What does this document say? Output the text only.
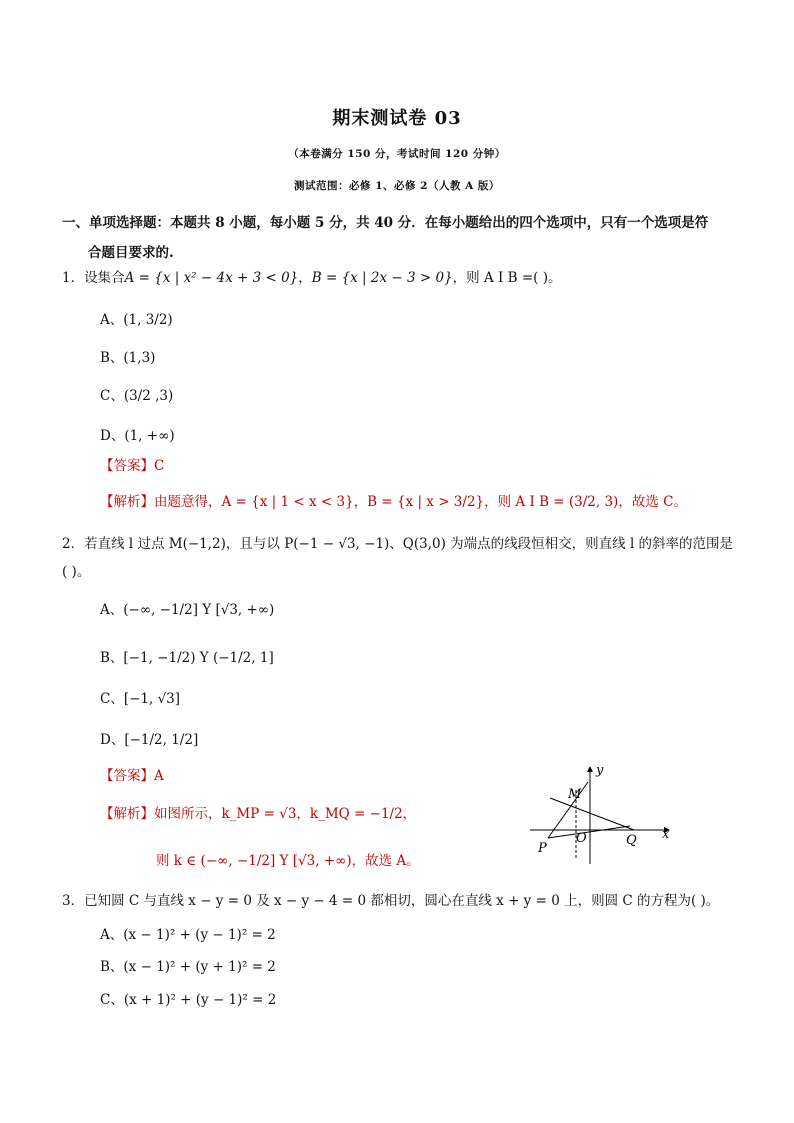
期末测试卷 03
（本卷满分 150 分，考试时间 120 分钟）
测试范围：必修 1、必修 2（人教 A 版）
一、单项选择题：本题共 8 小题，每小题 5 分，共 40 分．在每小题给出的四个选项中，只有一个选项是符
合题目要求的.
1．设集合A = {x | x² − 4x + 3 < 0}，B = {x | 2x − 3 > 0}，则 A I B =( )。
A、(1, 3/2)
B、(1,3)
C、(3/2 ,3)
D、(1, +∞)
【答案】C
【解析】由题意得，A = {x | 1 < x < 3}，B = {x | x > 3/2}，则 A I B = (3/2, 3)，故选 C。
2．若直线 l 过点 M(−1,2)，且与以 P(−1 − √3, −1)、Q(3,0) 为端点的线段恒相交，则直线 l 的斜率的范围是
( )。
A、(−∞, −1/2] Y [√3, +∞)
B、[−1, −1/2) Y (−1/2, 1]
C、[−1, √3]
D、[−1/2, 1/2]
【答案】A
【解析】如图所示，k_MP = √3，k_MQ = −1/2，
则 k ∈ (−∞, −1/2] Y [√3, +∞)，故选 A。
y
x
M
O
P
Q
3．已知圆 C 与直线 x − y = 0 及 x − y − 4 = 0 都相切，圆心在直线 x + y = 0 上，则圆 C 的方程为( )。
A、(x − 1)² + (y − 1)² = 2
B、(x − 1)² + (y + 1)² = 2
C、(x + 1)² + (y − 1)² = 2
